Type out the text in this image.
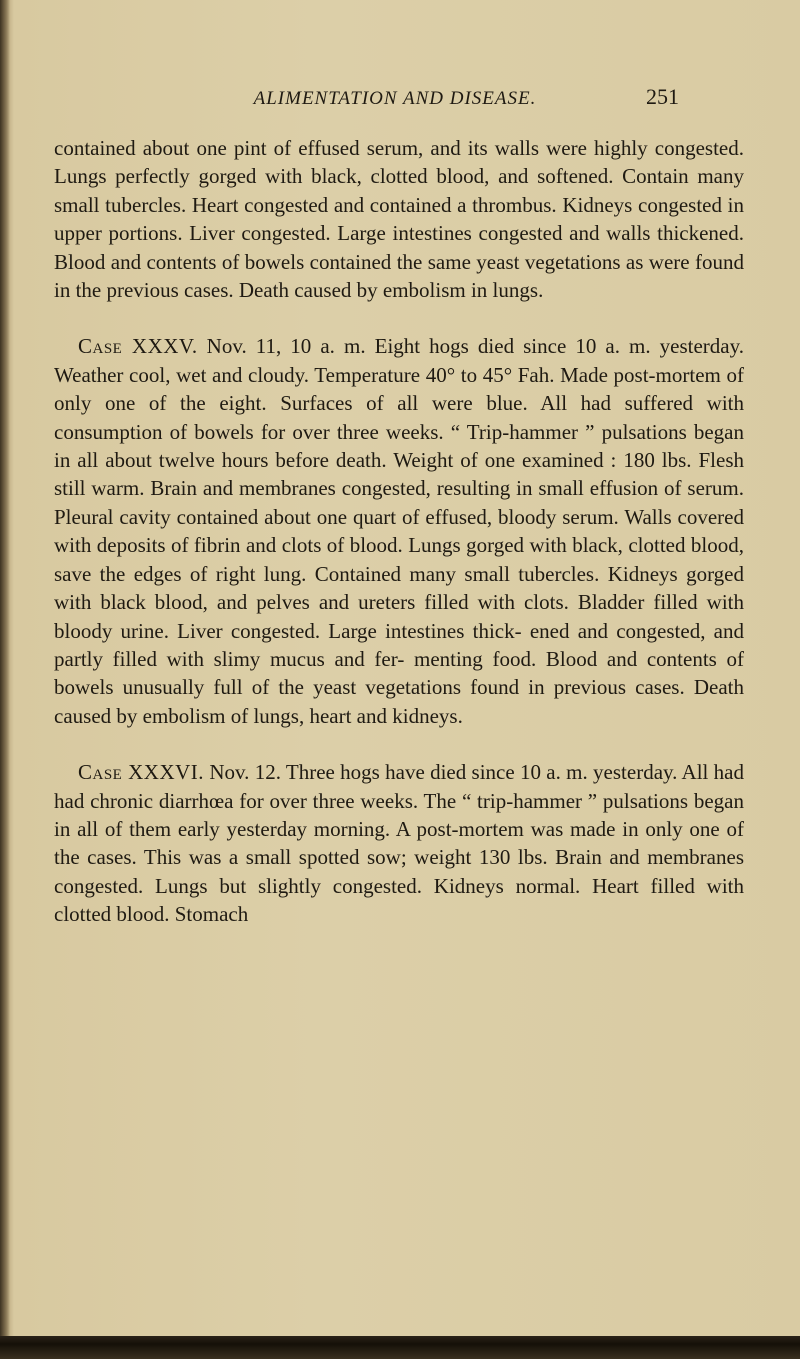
ALIMENTATION AND DISEASE.	251

contained about one pint of effused serum, and its walls were highly congested. Lungs perfectly gorged with black, clotted blood, and softened. Contain many small tubercles. Heart congested and contained a thrombus. Kidneys congested in upper portions. Liver congested. Large intestines congested and walls thickened. Blood and contents of bowels contained the same yeast vegetations as were found in the previous cases. Death caused by embolism in lungs.

Case XXXV. Nov. 11, 10 a. m. Eight hogs died since 10 a. m. yesterday. Weather cool, wet and cloudy. Temperature 40° to 45° Fah. Made post-mortem of only one of the eight. Surfaces of all were blue. All had suffered with consumption of bowels for over three weeks. “ Trip-hammer ” pulsations began in all about twelve hours before death. Weight of one examined : 180 lbs. Flesh still warm. Brain and membranes congested, resulting in small effusion of serum. Pleural cavity contained about one quart of effused, bloody serum. Walls covered with deposits of fibrin and clots of blood. Lungs gorged with black, clotted blood, save the edges of right lung. Contained many small tubercles. Kidneys gorged with black blood, and pelves and ureters filled with clots. Bladder filled with bloody urine. Liver congested. Large intestines thick- ened and congested, and partly filled with slimy mucus and fer- menting food. Blood and contents of bowels unusually full of the yeast vegetations found in previous cases. Death caused by embolism of lungs, heart and kidneys.

Case XXXVI. Nov. 12. Three hogs have died since 10 a. m. yesterday. All had had chronic diarrhœa for over three weeks. The “ trip-hammer ” pulsations began in all of them early yesterday morning. A post-mortem was made in only one of the cases. This was a small spotted sow; weight 130 lbs. Brain and membranes congested. Lungs but slightly congested. Kidneys normal. Heart filled with clotted blood. Stomach
